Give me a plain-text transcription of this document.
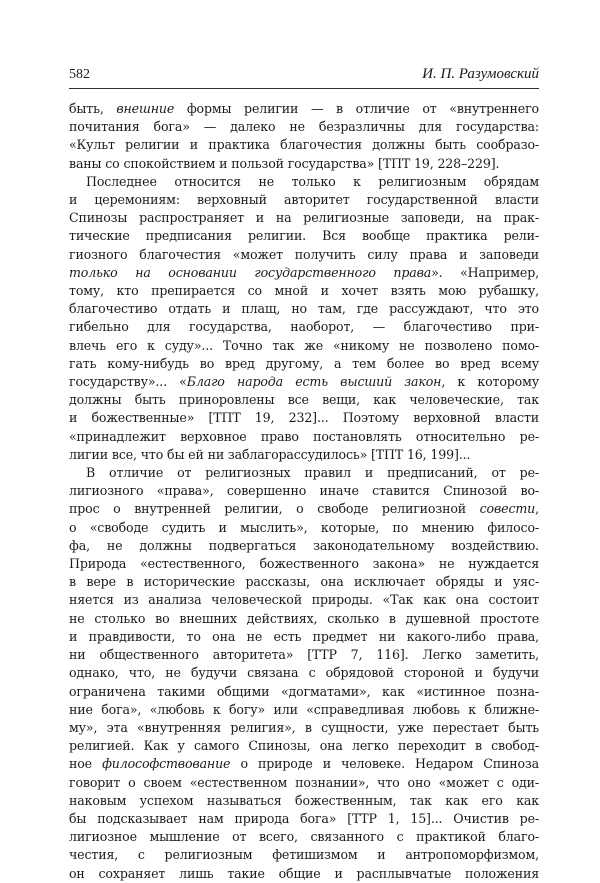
582	И. П. Разумовский
быть, внешние формы религии — в отличие от «внутреннего
почитания бога» — далеко не безразличны для государства:
«Культ религии и практика благочестия должны быть сообразо-
ваны со спокойствием и пользой государства» [ТПТ 19, 228–229].
Последнее относится не только к религиозным обрядам
и церемониям: верховный авторитет государственной власти
Спинозы распространяет и на религиозные заповеди, на прак-
тические предписания религии. Вся вообще практика рели-
гиозного благочестия «может получить силу права и заповеди
только на основании государственного права». «Например,
тому, кто препирается со мной и хочет взять мою рубашку,
благочестиво отдать и плащ, но там, где рассуждают, что это
гибельно для государства, наоборот, — благочестиво при-
влечь его к суду»... Точно так же «никому не позволено помо-
гать кому-нибудь во вред другому, а тем более во вред всему
государству»... «Благо народа есть высший закон, к которому
должны быть приноровлены все вещи, как человеческие, так
и божественные» [ТПТ 19, 232]... Поэтому верховной власти
«принадлежит верховное право постановлять относительно ре-
лигии все, что бы ей ни заблагорассудилось» [ТПТ 16, 199]...
В отличие от религиозных правил и предписаний, от ре-
лигиозного «права», совершенно иначе ставится Спинозой во-
прос о внутренней религии, о свободе религиозной совести,
о «свободе судить и мыслить», которые, по мнению филосо-
фа, не должны подвергаться законодательному воздействию.
Природа «естественного, божественного закона» не нуждается
в вере в исторические рассказы, она исключает обряды и уяс-
няется из анализа человеческой природы. «Так как она состоит
не столько во внешних действиях, сколько в душевной простоте
и правдивости, то она не есть предмет ни какого-либо права,
ни общественного авторитета» [ТТР 7, 116]. Легко заметить,
однако, что, не будучи связана с обрядовой стороной и будучи
ограничена такими общими «догматами», как «истинное позна-
ние бога», «любовь к богу» или «справедливая любовь к ближне-
му», эта «внутренняя религия», в сущности, уже перестает быть
религией. Как у самого Спинозы, она легко переходит в свобод-
ное философствование о природе и человеке. Недаром Спиноза
говорит о своем «естественном познании», что оно «может с оди-
наковым успехом называться божественным, так как его как
бы подсказывает нам природа бога» [ТТР 1, 15]... Очистив ре-
лигиозное мышление от всего, связанного с практикой благо-
честия, с религиозным фетишизмом и антропоморфизмом,
он сохраняет лишь такие общие и расплывчатые положения
